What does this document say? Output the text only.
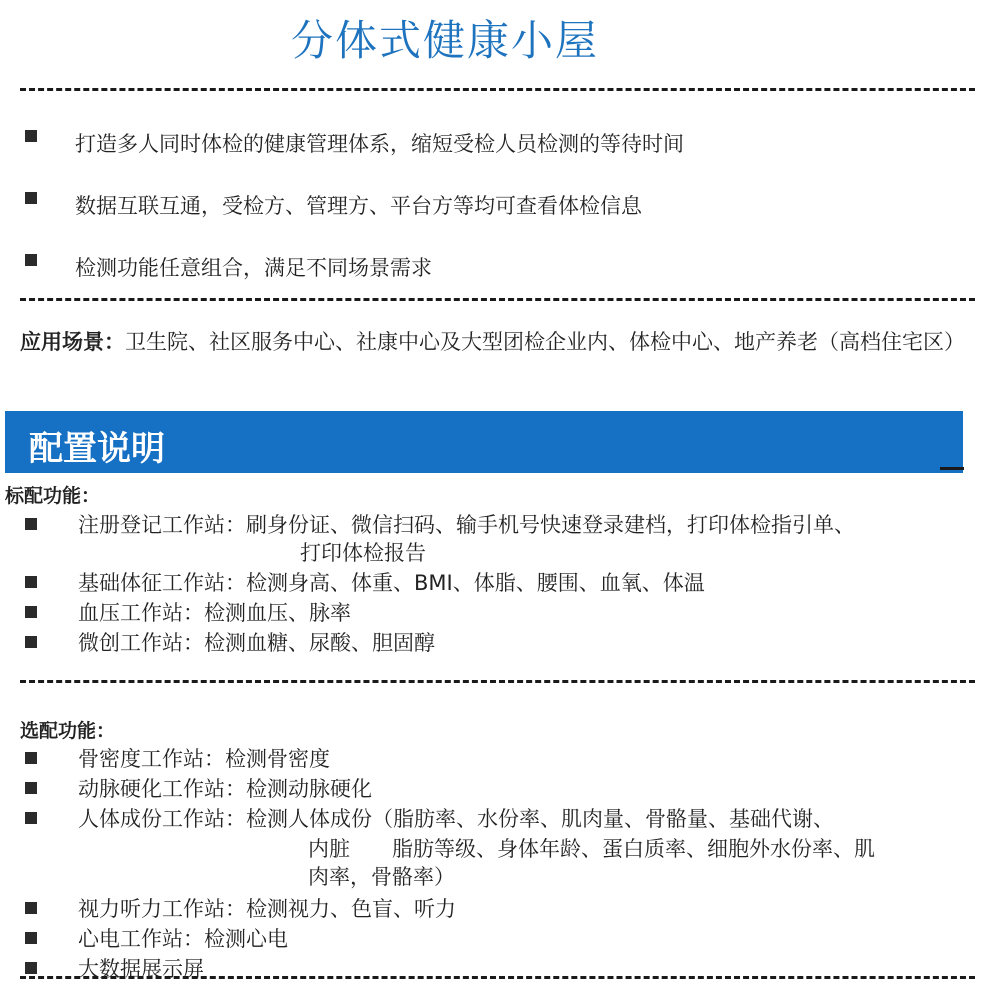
分体式健康小屋
打造多人同时体检的健康管理体系，缩短受检人员检测的等待时间
数据互联互通，受检方、管理方、平台方等均可查看体检信息
检测功能任意组合，满足不同场景需求
应用场景：卫生院、社区服务中心、社康中心及大型团检企业内、体检中心、地产养老（高档住宅区）
配置说明
标配功能：
注册登记工作站：刷身份证、微信扫码、输手机号快速登录建档，打印体检指引单、
打印体检报告
基础体征工作站：检测身高、体重、BMI、体脂、腰围、血氧、体温
血压工作站：检测血压、脉率
微创工作站：检测血糖、尿酸、胆固醇
选配功能：
骨密度工作站：检测骨密度
动脉硬化工作站：检测动脉硬化
人体成份工作站：检测人体成份（脂肪率、水份率、肌肉量、骨骼量、基础代谢、
内脏　　脂肪等级、身体年龄、蛋白质率、细胞外水份率、肌
肉率，骨骼率）
视力听力工作站：检测视力、色盲、听力
心电工作站：检测心电
大数据展示屏
